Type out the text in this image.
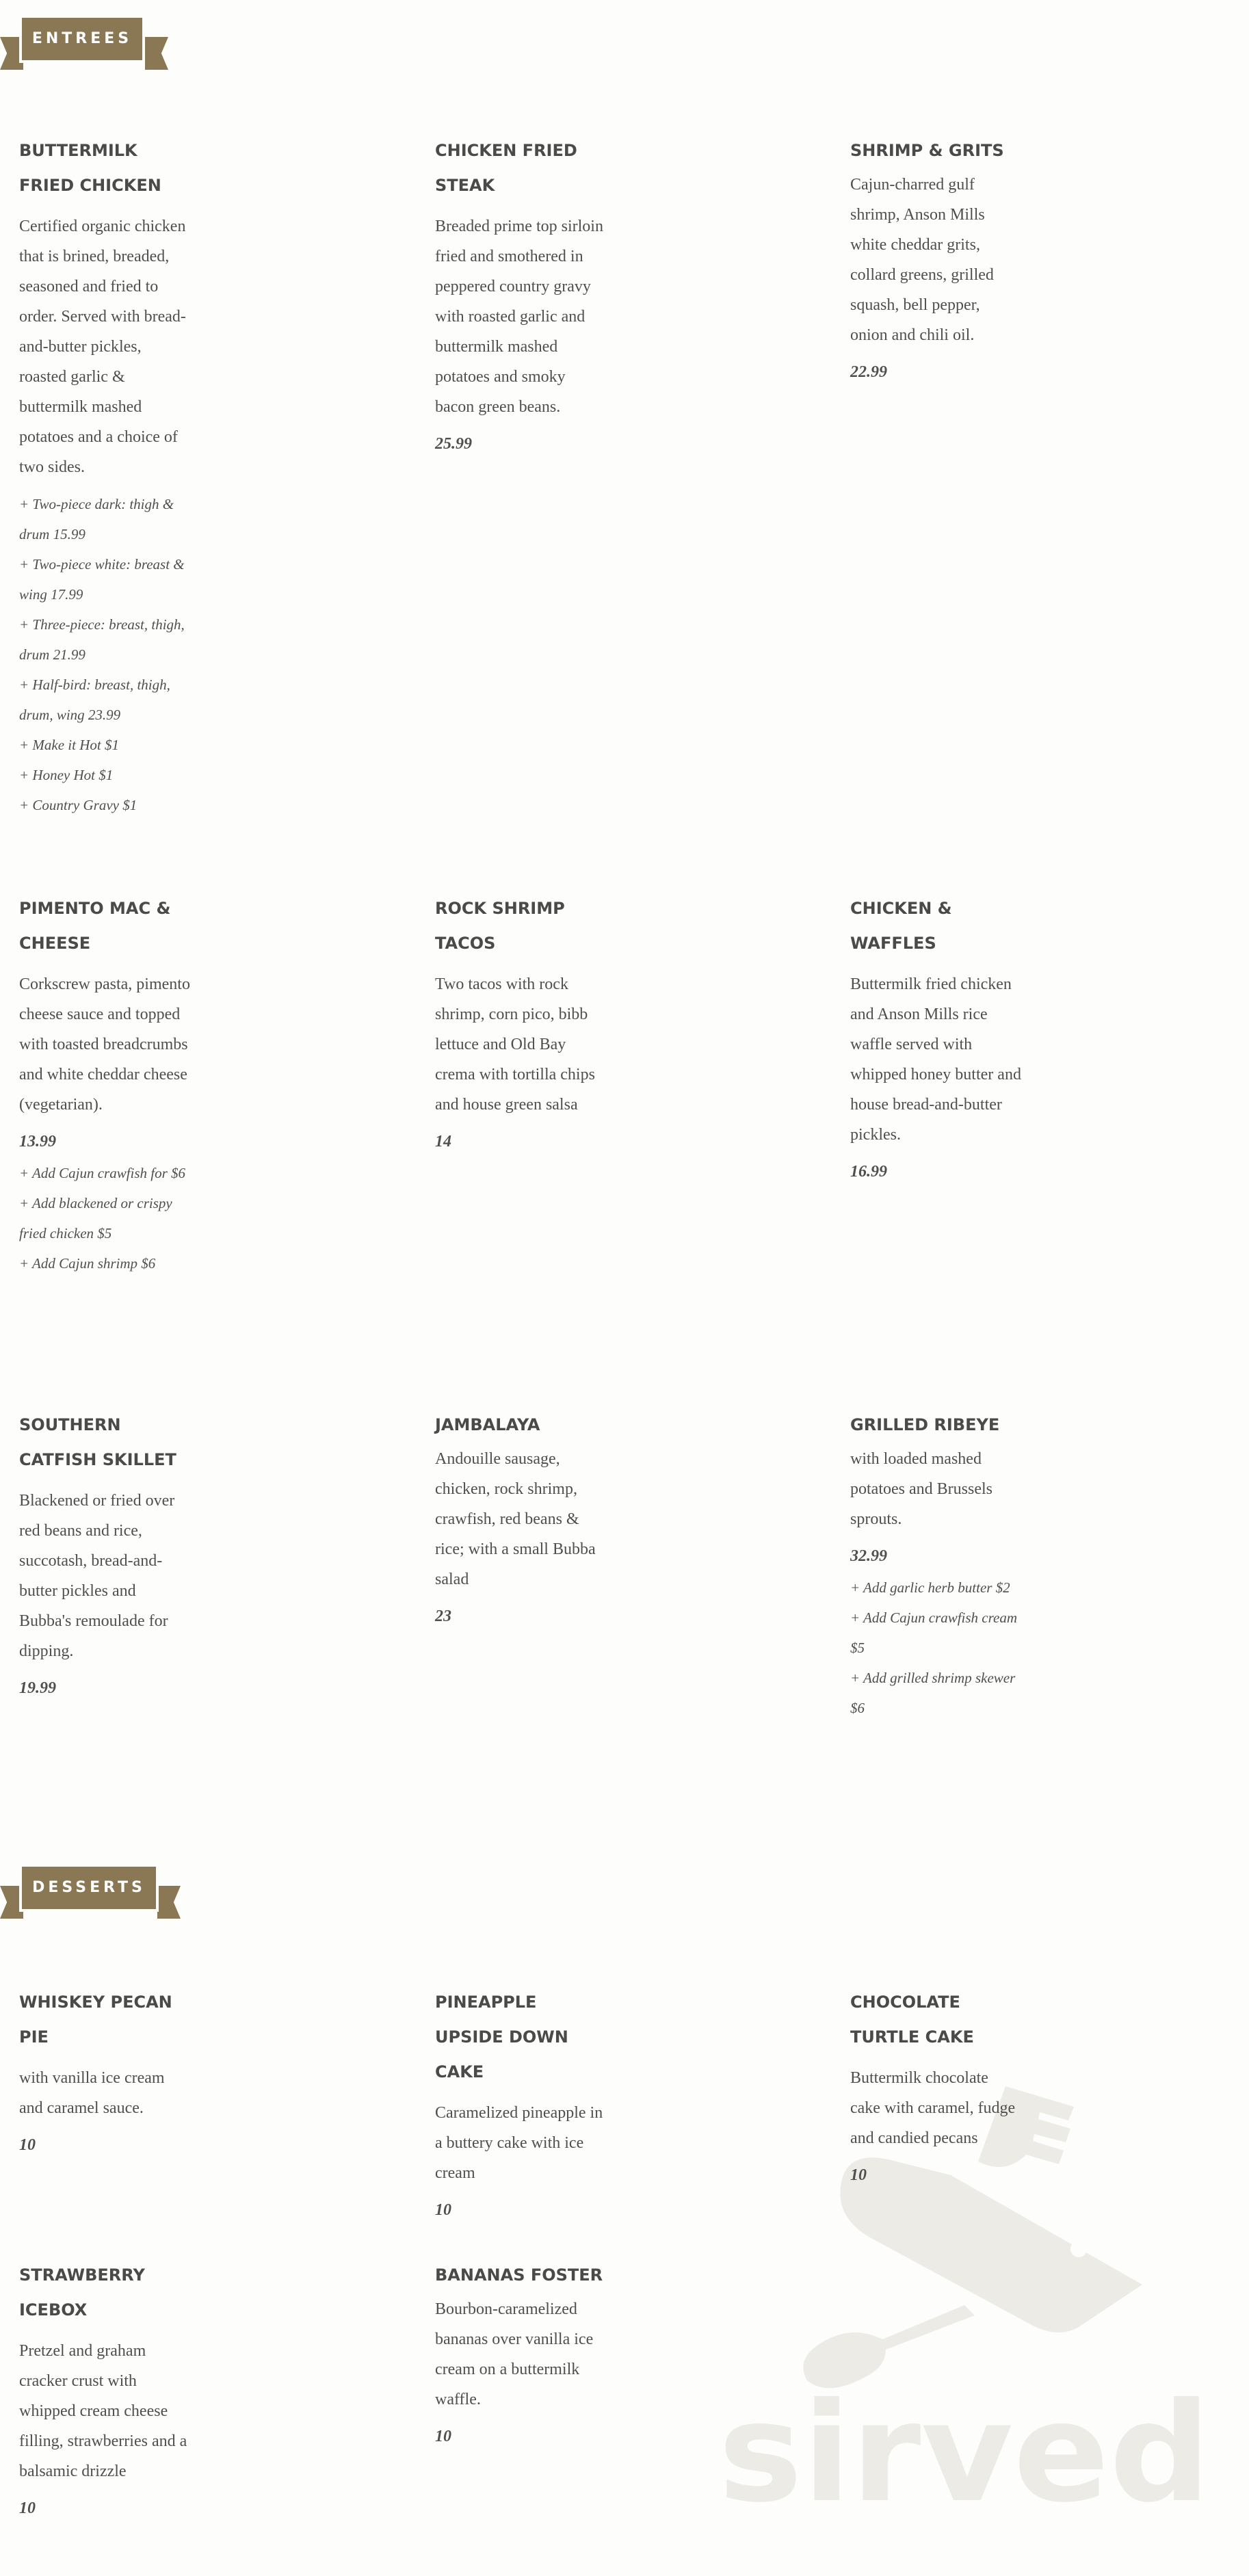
ENTREES
BUTTERMILK FRIED CHICKEN

Certified organic chicken that is brined, breaded, seasoned and fried to order. Served with bread-and-butter pickles, roasted garlic & buttermilk mashed potatoes and a choice of two sides.

+ Two-piece dark: thigh & drum 15.99
+ Two-piece white: breast & wing 17.99
+ Three-piece: breast, thigh, drum 21.99
+ Half-bird: breast, thigh, drum, wing 23.99
+ Make it Hot $1
+ Honey Hot $1
+ Country Gravy $1
CHICKEN FRIED STEAK

Breaded prime top sirloin fried and smothered in peppered country gravy with roasted garlic and buttermilk mashed potatoes and smoky bacon green beans.

25.99
SHRIMP & GRITS

Cajun-charred gulf shrimp, Anson Mills white cheddar grits, collard greens, grilled squash, bell pepper, onion and chili oil.

22.99
PIMENTO MAC & CHEESE

Corkscrew pasta, pimento cheese sauce and topped with toasted breadcrumbs and white cheddar cheese (vegetarian).

13.99
+ Add Cajun crawfish for $6
+ Add blackened or crispy fried chicken $5
+ Add Cajun shrimp $6
ROCK SHRIMP TACOS

Two tacos with rock shrimp, corn pico, bibb lettuce and Old Bay crema with tortilla chips and house green salsa

14
CHICKEN & WAFFLES

Buttermilk fried chicken and Anson Mills rice waffle served with whipped honey butter and house bread-and-butter pickles.

16.99
SOUTHERN CATFISH SKILLET

Blackened or fried over red beans and rice, succotash, bread-and-butter pickles and Bubba's remoulade for dipping.

19.99
JAMBALAYA

Andouille sausage, chicken, rock shrimp, crawfish, red beans & rice; with a small Bubba salad

23
GRILLED RIBEYE

with loaded mashed potatoes and Brussels sprouts.

32.99
+ Add garlic herb butter $2
+ Add Cajun crawfish cream $5
+ Add grilled shrimp skewer $6
DESSERTS
sirved
WHISKEY PECAN PIE

with vanilla ice cream and caramel sauce.

10
PINEAPPLE UPSIDE DOWN CAKE

Caramelized pineapple in a buttery cake with ice cream

10
CHOCOLATE TURTLE CAKE

Buttermilk chocolate cake with caramel, fudge and candied pecans

10
STRAWBERRY ICEBOX

Pretzel and graham cracker crust with whipped cream cheese filling, strawberries and a balsamic drizzle

10
BANANAS FOSTER

Bourbon-caramelized bananas over vanilla ice cream on a buttermilk waffle.

10
